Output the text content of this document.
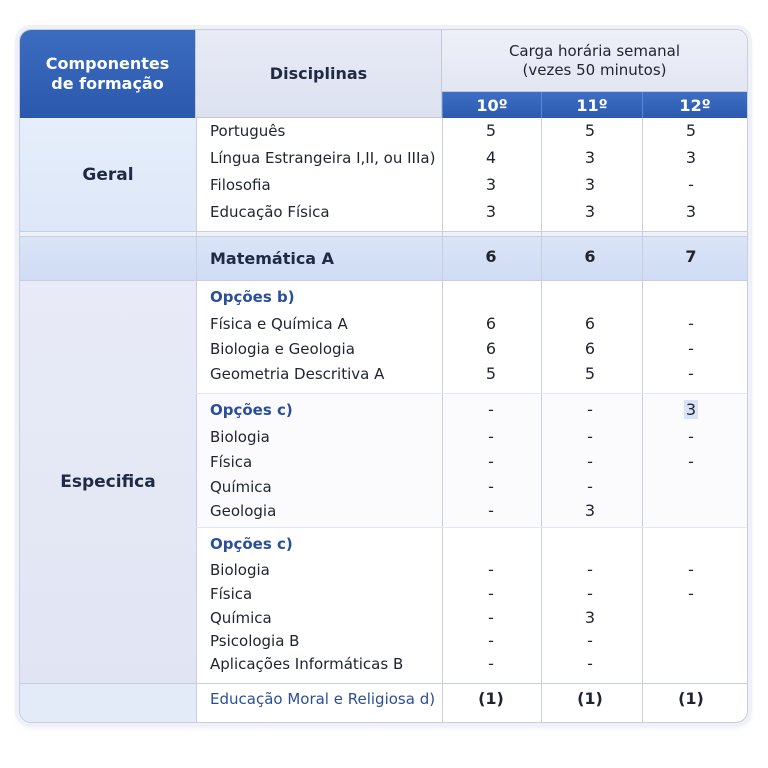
Componentes
de formação
Disciplinas
Carga horária semanal
(vezes 50 minutos)
10º	11º	12º
Geral
Português	5	5	5
Língua Estrangeira I,II, ou IIIa)	4	3	3
Filosofia	3	3	-
Educação Física	3	3	3
Matemática A	6	6	7
Especifica
Opções b)
Física e Química A	6	6	-
Biologia e Geologia	6	6	-
Geometria Descritiva A	5	5	-
Opções c)	-	-	3
Biologia	-	-	-
Física	-	-	-
Química	-	-
Geologia	-	3
Opções c)
Biologia	-	-	-
Física	-	-	-
Química	-	3
Psicologia B	-	-
Aplicações Informáticas B	-	-
Educação Moral e Religiosa d)	(1)	(1)	(1)
